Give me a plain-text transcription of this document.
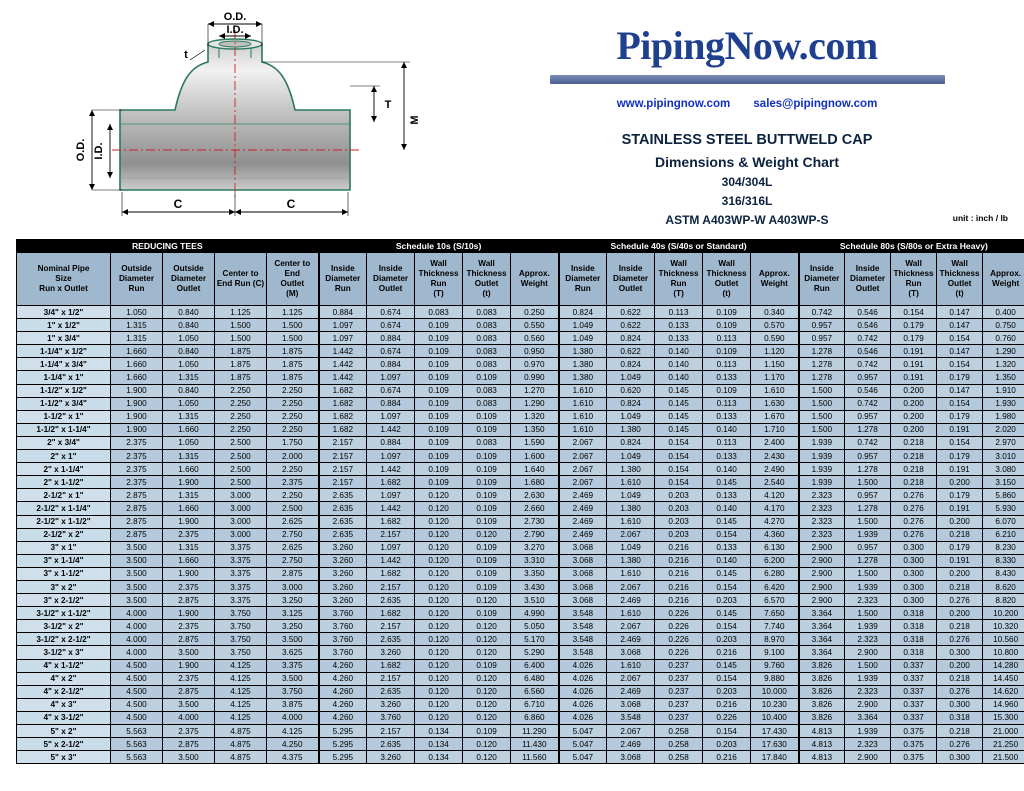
O.D.
I.D.
t
T
M
O.D. I.D.
C	C
PipingNow.com
www.pipingnow.com sales@pipingnow.com
STAINLESS STEEL BUTTWELD CAP
Dimensions & Weight Chart
304/304L
316/316L
ASTM A403WP-W A403WP-S	unit : inch / lb
REDUCING TEES					Schedule 10s (S/10s)					Schedule 40s (S/40s or Standard)					Schedule 80s (S/80s or Extra Heavy)				
Nominal Pipe
Size
Run x Outlet	Outside
Diameter
Run	Outside
Diameter
Outlet	Center to
End Run (C)	Center to
End
Outlet
(M)	Inside
Diameter
Run	Inside
Diameter
Outlet	Wall
Thickness
Run
(T)	Wall
Thickness
Outlet
(t)	Approx.
Weight	Inside
Diameter
Run	Inside
Diameter
Outlet	Wall
Thickness
Run
(T)	Wall
Thickness
Outlet
(t)	Approx.
Weight	Inside
Diameter
Run	Inside
Diameter
Outlet	Wall
Thickness
Run
(T)	Wall
Thickness
Outlet
(t)	Approx.
Weight
3/4" x 1/2"	1.050	0.840	1.125	1.125	0.884	0.674	0.083	0.083	0.250	0.824	0.622	0.113	0.109	0.340	0.742	0.546	0.154	0.147	0.400
1" x 1/2"	1.315	0.840	1.500	1.500	1.097	0.674	0.109	0.083	0.550	1.049	0.622	0.133	0.109	0.570	0.957	0.546	0.179	0.147	0.750
1" x 3/4"	1.315	1.050	1.500	1.500	1.097	0.884	0.109	0.083	0.560	1.049	0.824	0.133	0.113	0.590	0.957	0.742	0.179	0.154	0.760
1-1/4" x 1/2"	1.660	0.840	1.875	1.875	1.442	0.674	0.109	0.083	0.950	1.380	0.622	0.140	0.109	1.120	1.278	0.546	0.191	0.147	1.290
1-1/4" x 3/4"	1.660	1.050	1.875	1.875	1.442	0.884	0.109	0.083	0.970	1.380	0.824	0.140	0.113	1.150	1.278	0.742	0.191	0.154	1.320
1-1/4" x 1"	1.660	1.315	1.875	1.875	1.442	1.097	0.109	0.109	0.990	1.380	1.049	0.140	0.133	1.170	1.278	0.957	0.191	0.179	1.350
1-1/2" x 1/2"	1.900	0.840	2.250	2.250	1.682	0.674	0.109	0.083	1.270	1.610	0.620	0.145	0.109	1.610	1.500	0.546	0.200	0.147	1.910
1-1/2" x 3/4"	1.900	1.050	2.250	2.250	1.682	0.884	0.109	0.083	1.290	1.610	0.824	0.145	0.113	1.630	1.500	0.742	0.200	0.154	1.930
1-1/2" x 1"	1.900	1.315	2.250	2.250	1.682	1.097	0.109	0.109	1.320	1.610	1.049	0.145	0.133	1.670	1.500	0.957	0.200	0.179	1.980
1-1/2" x 1-1/4"	1.900	1.660	2.250	2.250	1.682	1.442	0.109	0.109	1.350	1.610	1.380	0.145	0.140	1.710	1.500	1.278	0.200	0.191	2.020
2" x 3/4"	2.375	1.050	2.500	1.750	2.157	0.884	0.109	0.083	1.590	2.067	0.824	0.154	0.113	2.400	1.939	0.742	0.218	0.154	2.970
2" x 1"	2.375	1.315	2.500	2.000	2.157	1.097	0.109	0.109	1.600	2.067	1.049	0.154	0.133	2.430	1.939	0.957	0.218	0.179	3.010
2" x 1-1/4"	2.375	1.660	2.500	2.250	2.157	1.442	0.109	0.109	1.640	2.067	1.380	0.154	0.140	2.490	1.939	1.278	0.218	0.191	3.080
2" x 1-1/2"	2.375	1.900	2.500	2.375	2.157	1.682	0.109	0.109	1.680	2.067	1.610	0.154	0.145	2.540	1.939	1.500	0.218	0.200	3.150
2-1/2" x 1"	2.875	1.315	3.000	2.250	2.635	1.097	0.120	0.109	2.630	2.469	1.049	0.203	0.133	4.120	2.323	0.957	0.276	0.179	5.860
2-1/2" x 1-1/4"	2.875	1.660	3.000	2.500	2.635	1.442	0.120	0.109	2.660	2.469	1.380	0.203	0.140	4.170	2.323	1.278	0.276	0.191	5.930
2-1/2" x 1-1/2"	2.875	1.900	3.000	2.625	2.635	1.682	0.120	0.109	2.730	2.469	1.610	0.203	0.145	4.270	2.323	1.500	0.276	0.200	6.070
2-1/2" x 2"	2.875	2.375	3.000	2.750	2.635	2.157	0.120	0.120	2.790	2.469	2.067	0.203	0.154	4.360	2.323	1.939	0.276	0.218	6.210
3" x 1"	3.500	1.315	3.375	2.625	3.260	1.097	0.120	0.109	3.270	3.068	1.049	0.216	0.133	6.130	2.900	0.957	0.300	0.179	8.230
3" x 1-1/4"	3.500	1.660	3.375	2.750	3.260	1.442	0.120	0.109	3.310	3.068	1.380	0.216	0.140	6.200	2.900	1.278	0.300	0.191	8.330
3" x 1-1/2"	3.500	1.900	3.375	2.875	3.260	1.682	0.120	0.109	3.350	3.068	1.610	0.216	0.145	6.280	2.900	1.500	0.300	0.200	8.430
3" x 2"	3.500	2.375	3.375	3.000	3.260	2.157	0.120	0.109	3.430	3.068	2.067	0.216	0.154	6.420	2.900	1.939	0.300	0.218	8.620
3" x 2-1/2"	3.500	2.875	3.375	3.250	3.260	2.635	0.120	0.120	3.510	3.068	2.469	0.216	0.203	6.570	2.900	2.323	0.300	0.276	8.820
3-1/2" x 1-1/2"	4.000	1.900	3.750	3.125	3.760	1.682	0.120	0.109	4.990	3.548	1.610	0.226	0.145	7.650	3.364	1.500	0.318	0.200	10.200
3-1/2" x 2"	4.000	2.375	3.750	3.250	3.760	2.157	0.120	0.120	5.050	3.548	2.067	0.226	0.154	7.740	3.364	1.939	0.318	0.218	10.320
3-1/2" x 2-1/2"	4.000	2.875	3.750	3.500	3.760	2.635	0.120	0.120	5.170	3.548	2.469	0.226	0.203	8.970	3.364	2.323	0.318	0.276	10.560
3-1/2" x 3"	4.000	3.500	3.750	3.625	3.760	3.260	0.120	0.120	5.290	3.548	3.068	0.226	0.216	9.100	3.364	2.900	0.318	0.300	10.800
4" x 1-1/2"	4.500	1.900	4.125	3.375	4.260	1.682	0.120	0.109	6.400	4.026	1.610	0.237	0.145	9.760	3.826	1.500	0.337	0.200	14.280
4" x 2"	4.500	2.375	4.125	3.500	4.260	2.157	0.120	0.120	6.480	4.026	2.067	0.237	0.154	9.880	3.826	1.939	0.337	0.218	14.450
4" x 2-1/2"	4.500	2.875	4.125	3.750	4.260	2.635	0.120	0.120	6.560	4.026	2.469	0.237	0.203	10.000	3.826	2.323	0.337	0.276	14.620
4" x 3"	4.500	3.500	4.125	3.875	4.260	3.260	0.120	0.120	6.710	4.026	3.068	0.237	0.216	10.230	3.826	2.900	0.337	0.300	14.960
4" x 3-1/2"	4.500	4.000	4.125	4.000	4.260	3.760	0.120	0.120	6.860	4.026	3.548	0.237	0.226	10.400	3.826	3.364	0.337	0.318	15.300
5" x 2"	5.563	2.375	4.875	4.125	5.295	2.157	0.134	0.109	11.290	5.047	2.067	0.258	0.154	17.430	4.813	1.939	0.375	0.218	21.000
5" x 2-1/2"	5.563	2.875	4.875	4.250	5.295	2.635	0.134	0.120	11.430	5.047	2.469	0.258	0.203	17.630	4.813	2.323	0.375	0.276	21.250
5" x 3"	5.563	3.500	4.875	4.375	5.295	3.260	0.134	0.120	11.560	5.047	3.068	0.258	0.216	17.840	4.813	2.900	0.375	0.300	21.500
